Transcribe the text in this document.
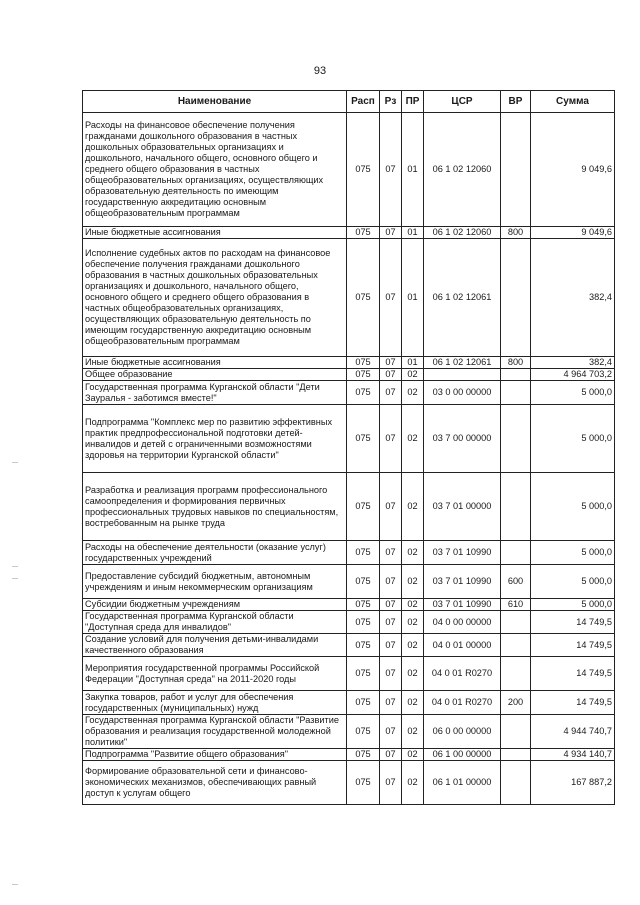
93
Наименование	Расп	Рз	ПР	ЦСР	ВР	Сумма
Расходы на финансовое обеспечение получения гражданами дошкольного образования в частных дошкольных образовательных организациях и дошкольного, начального общего, основного общего и среднего общего образования в частных общеобразовательных организациях, осуществляющих образовательную деятельность по имеющим государственную аккредитацию основным общеобразовательным программам	075	07	01	06 1 02 12060		9 049,6
Иные бюджетные ассигнования	075	07	01	06 1 02 12060	800	9 049,6
Исполнение судебных актов по расходам на финансовое обеспечение получения гражданами дошкольного образования в частных дошкольных образовательных организациях и дошкольного, начального общего, основного общего и среднего общего образования в частных общеобразовательных организациях, осуществляющих образовательную деятельность по имеющим государственную аккредитацию основным общеобразовательным программам	075	07	01	06 1 02 12061		382,4
Иные бюджетные ассигнования	075	07	01	06 1 02 12061	800	382,4
Общее образование	075	07	02			4 964 703,2
Государственная программа Курганской области "Дети Зауралья - заботимся вместе!"	075	07	02	03 0 00 00000		5 000,0
Подпрограмма "Комплекс мер по развитию эффективных практик предпрофессиональной подготовки детей-инвалидов и детей с ограниченными возможностями здоровья на территории Курганской области"	075	07	02	03 7 00 00000		5 000,0
Разработка и реализация программ профессионального самоопределения и формирования первичных профессиональных трудовых навыков по специальностям, востребованным на рынке труда	075	07	02	03 7 01 00000		5 000,0
Расходы на обеспечение деятельности (оказание услуг) государственных учреждений	075	07	02	03 7 01 10990		5 000,0
Предоставление субсидий бюджетным, автономным учреждениям и иным некоммерческим организациям	075	07	02	03 7 01 10990	600	5 000,0
Субсидии бюджетным учреждениям	075	07	02	03 7 01 10990	610	5 000,0
Государственная программа Курганской области "Доступная среда для инвалидов"	075	07	02	04 0 00 00000		14 749,5
Создание условий для получения детьми-инвалидами качественного образования	075	07	02	04 0 01 00000		14 749,5
Мероприятия государственной программы Российской Федерации "Доступная среда" на 2011-2020 годы	075	07	02	04 0 01 R0270		14 749,5
Закупка товаров, работ и услуг для обеспечения государственных (муниципальных) нужд	075	07	02	04 0 01 R0270	200	14 749,5
Государственная программа Курганской области "Развитие образования и реализация государственной молодежной политики"	075	07	02	06 0 00 00000		4 944 740,7
Подпрограмма "Развитие общего образования"	075	07	02	06 1 00 00000		4 934 140,7
Формирование образовательной сети и финансово-экономических механизмов, обеспечивающих равный доступ к услугам общего	075	07	02	06 1 01 00000		167 887,2
